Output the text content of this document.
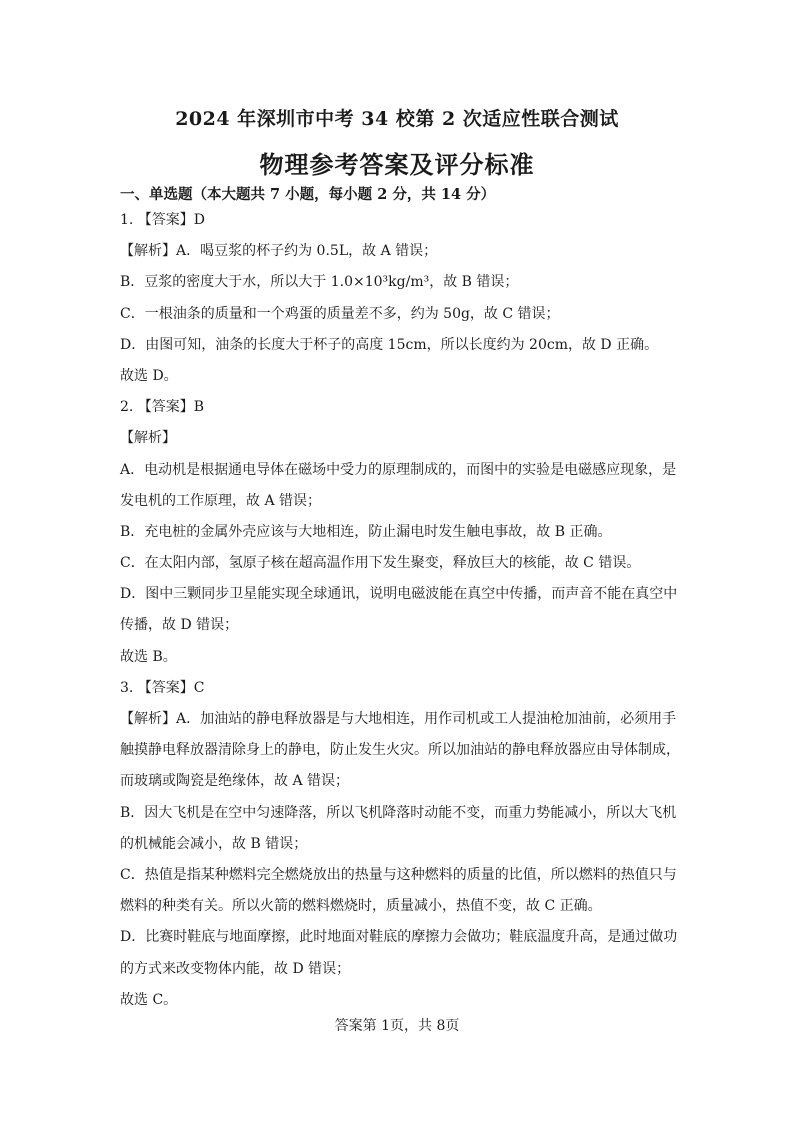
2024 年深圳市中考 34 校第 2 次适应性联合测试
物理参考答案及评分标准
一、单选题（本大题共 7 小题，每小题 2 分，共 14 分）
1. 【答案】D
【解析】A．喝豆浆的杯子约为 0.5L，故 A 错误；
B．豆浆的密度大于水，所以大于 1.0×10³kg/m³，故 B 错误；
C．一根油条的质量和一个鸡蛋的质量差不多，约为 50g，故 C 错误；
D．由图可知，油条的长度大于杯子的高度 15cm，所以长度约为 20cm，故 D 正确。
故选 D。
2. 【答案】B
【解析】
A．电动机是根据通电导体在磁场中受力的原理制成的，而图中的实验是电磁感应现象，是
发电机的工作原理，故 A 错误；
B．充电桩的金属外壳应该与大地相连，防止漏电时发生触电事故，故 B 正确。
C．在太阳内部，氢原子核在超高温作用下发生聚变，释放巨大的核能，故 C 错误。
D．图中三颗同步卫星能实现全球通讯，说明电磁波能在真空中传播，而声音不能在真空中
传播，故 D 错误；
故选 B。
3. 【答案】C
【解析】A．加油站的静电释放器是与大地相连，用作司机或工人提油枪加油前，必须用手
触摸静电释放器清除身上的静电，防止发生火灾。所以加油站的静电释放器应由导体制成，
而玻璃或陶瓷是绝缘体，故 A 错误；
B．因大飞机是在空中匀速降落，所以飞机降落时动能不变，而重力势能减小，所以大飞机
的机械能会减小，故 B 错误；
C．热值是指某种燃料完全燃烧放出的热量与这种燃料的质量的比值，所以燃料的热值只与
燃料的种类有关。所以火箭的燃料燃烧时，质量减小，热值不变，故 C 正确。
D．比赛时鞋底与地面摩擦，此时地面对鞋底的摩擦力会做功；鞋底温度升高，是通过做功
的方式来改变物体内能，故 D 错误；
故选 C。
答案第 1页，共 8页
